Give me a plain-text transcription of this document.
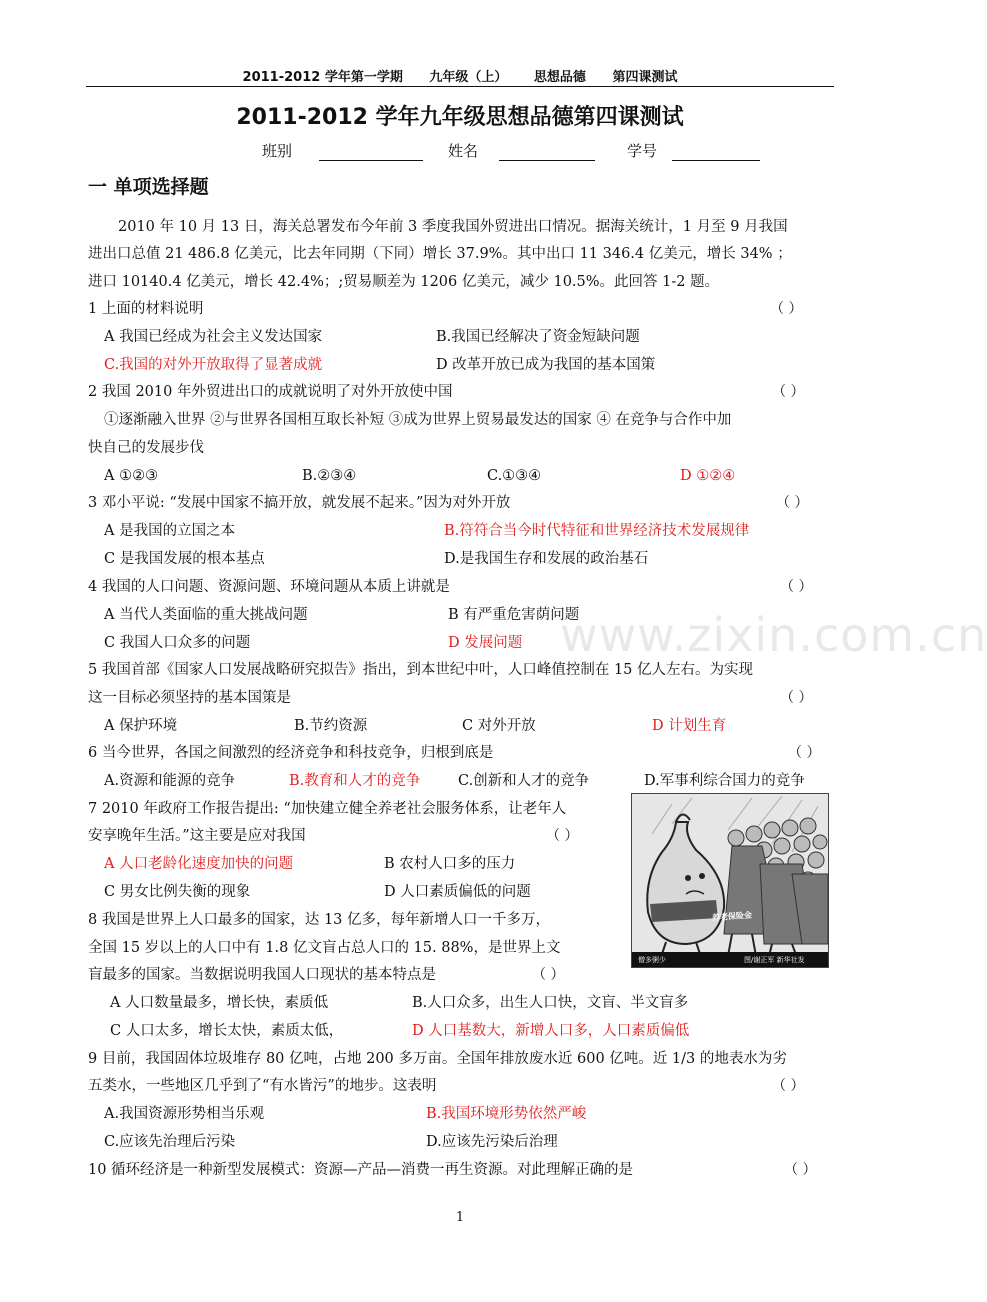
2011-2012 学年第一学期 九年级（上） 思想品德 第四课测试
2011-2012 学年九年级思想品德第四课测试
班别	姓名	学号
一 单项选择题
2010 年 10 月 13 日，海关总署发布今年前 3 季度我国外贸进出口情况。据海关统计，1 月至 9 月我国
进出口总值 21 486.8 亿美元，比去年同期（下同）增长 37.9%。其中出口 11 346.4 亿美元，增长 34% ；
进口 10140.4 亿美元，增长 42.4%；;贸易顺差为 1206 亿美元，减少 10.5%。此回答 1-2 题。
1 上面的材料说明	（ ）
A 我国已经成为社会主义发达国家	B.我国已经解决了资金短缺问题
C.我国的对外开放取得了显著成就	D 改革开放已成为我国的基本国策
2 我国 2010 年外贸进出口的成就说明了对外开放使中国	（ ）
①逐渐融入世界 ②与世界各国相互取长补短 ③成为世界上贸易最发达的国家 ④ 在竞争与合作中加
快自己的发展步伐
A ①②③	B.②③④	C.①③④	D ①②④
3 邓小平说: “发展中国家不搞开放，就发展不起来。”因为对外开放	（ ）
A 是我国的立国之本	B.符符合当今时代特征和世界经济技术发展规律
C 是我国发展的根本基点	D.是我国生存和发展的政治基石
4 我国的人口问题、资源问题、环境问题从本质上讲就是	（ ）
A 当代人类面临的重大挑战问题	B 有严重危害荫问题
C 我国人口众多的问题	D 发展问题
5 我国首部《国家人口发展战略研究拟告》指出，到本世纪中叶，人口峰值控制在 15 亿人左右。为实现
这一目标必须坚持的基本国策是	（ ）
A 保护环境	B.节约资源	C 对外开放	D 计划生育
6 当今世界，各国之间激烈的经济竞争和科技竞争，归根到底是	（ ）
A.资源和能源的竞争	B.教育和人才的竞争	C.创新和人才的竞争	D.军事利综合国力的竞争
7 2010 年政府工作报告提出: “加快建立健全养老社会服务体系，让老年人
安享晚年生活。”这主要是应对我国	（ ）
A 人口老龄化速度加快的问题	B 农村人口多的压力
C 男女比例失衡的现象	D 人口素质偏低的问题
养老保险金
僧多粥少	图/谢正军 新华社发
8 我国是世界上人口最多的国家，达 13 亿多，每年新增人口一千多万，
全国 15 岁以上的人口中有 1.8 亿文盲占总人口的 15. 88%，是世界上文
盲最多的国家。当数据说明我国人口现状的基本特点是	（ ）
A 人口数量最多，增长快，素质低	B.人口众多，出生人口快，文盲、半文盲多
C 人口太多，增长太快，素质太低，	D 人口基数大，新增人口多，人口素质偏低
9 目前，我国固体垃圾堆存 80 亿吨，占地 200 多万亩。全国年排放废水近 600 亿吨。近 1/3 的地表水为劣
五类水，一些地区几乎到了“有水皆污”的地步。这表明	（ ）
A.我国资源形势相当乐观	B.我国环境形势依然严峻
C.应该先治理后污染	D.应该先污染后治理
10 循环经济是一种新型发展模式：资源—产品—消费一再生资源。对此理解正确的是	（ ）
www.zixin.com.cn
1
